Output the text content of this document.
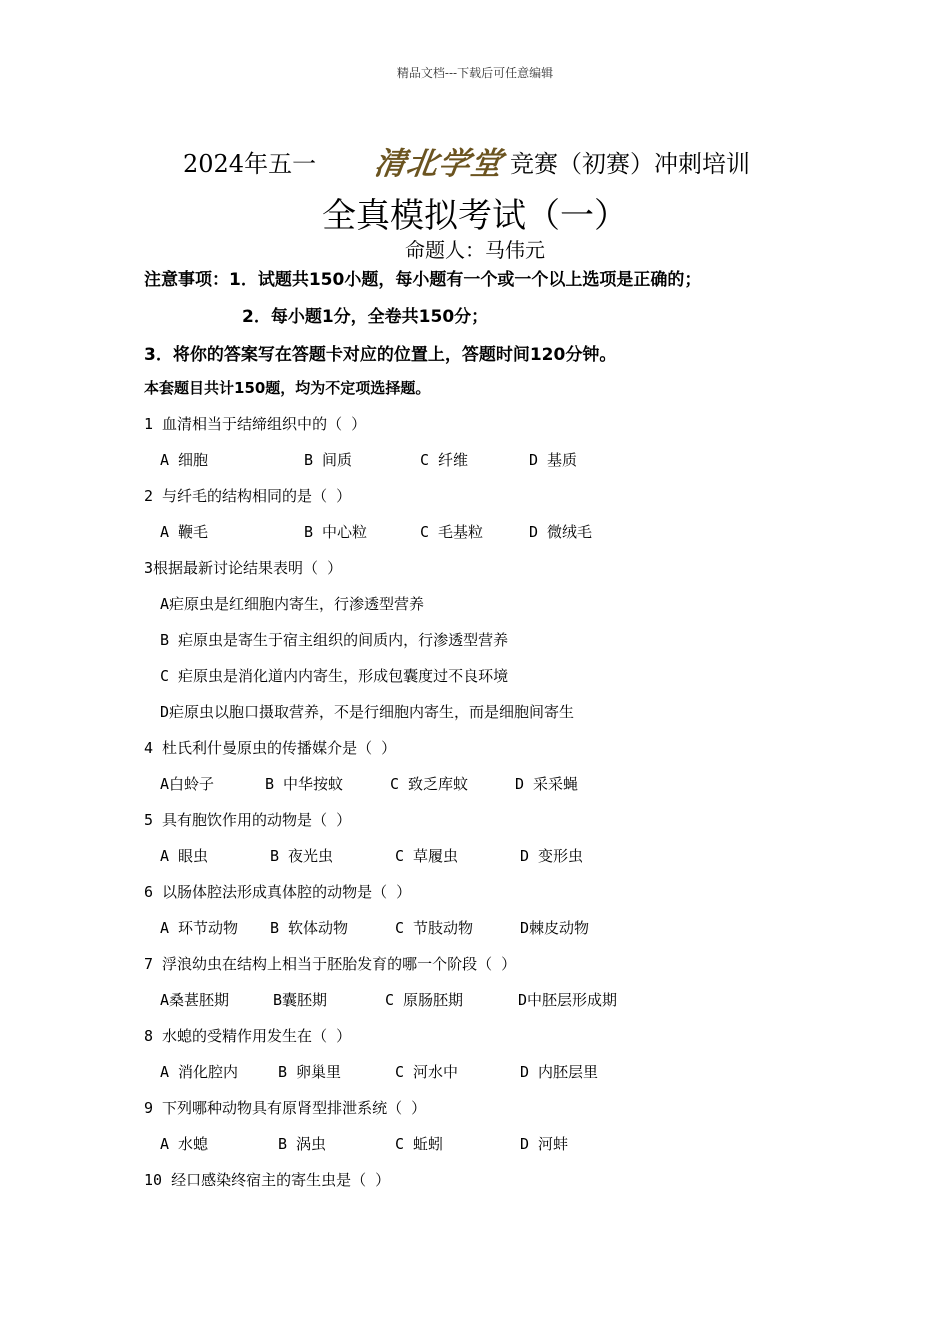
精品文档---下载后可任意编辑
2024年五一 清北学堂 竞赛（初赛）冲刺培训
全真模拟考试（一）
命题人：马伟元
注意事项：1．试题共150小题，每小题有一个或一个以上选项是正确的；
2．每小题1分，全卷共150分；
3．将你的答案写在答题卡对应的位置上，答题时间120分钟。
本套题目共计150题，均为不定项选择题。
1 血清相当于结缔组织中的（ ）
A 细胞	B 间质	C 纤维	D 基质
2 与纤毛的结构相同的是（ ）
A 鞭毛	B 中心粒	C 毛基粒	D 微绒毛
3根据最新讨论结果表明（ ）
A疟原虫是红细胞内寄生，行渗透型营养
B 疟原虫是寄生于宿主组织的间质内，行渗透型营养
C 疟原虫是消化道内内寄生，形成包囊度过不良环境
D疟原虫以胞口摄取营养，不是行细胞内寄生，而是细胞间寄生
4 杜氏利什曼原虫的传播媒介是（ ）
A白蛉子	B 中华按蚊	C 致乏库蚊	D 采采蝇
5 具有胞饮作用的动物是（ ）
A 眼虫	B 夜光虫	C 草履虫	D 变形虫
6 以肠体腔法形成真体腔的动物是（ ）
A 环节动物 B 软体动物	C 节肢动物	D棘皮动物
7 浮浪幼虫在结构上相当于胚胎发育的哪一个阶段（ ）
A桑葚胚期	B囊胚期	C 原肠胚期	D中胚层形成期
8 水螅的受精作用发生在（ ）
A 消化腔内	B 卵巢里	C 河水中	D 内胚层里
9 下列哪种动物具有原肾型排泄系统（ ）
A 水螅	B 涡虫	C 蚯蚓	D 河蚌
10 经口感染终宿主的寄生虫是（ ）
